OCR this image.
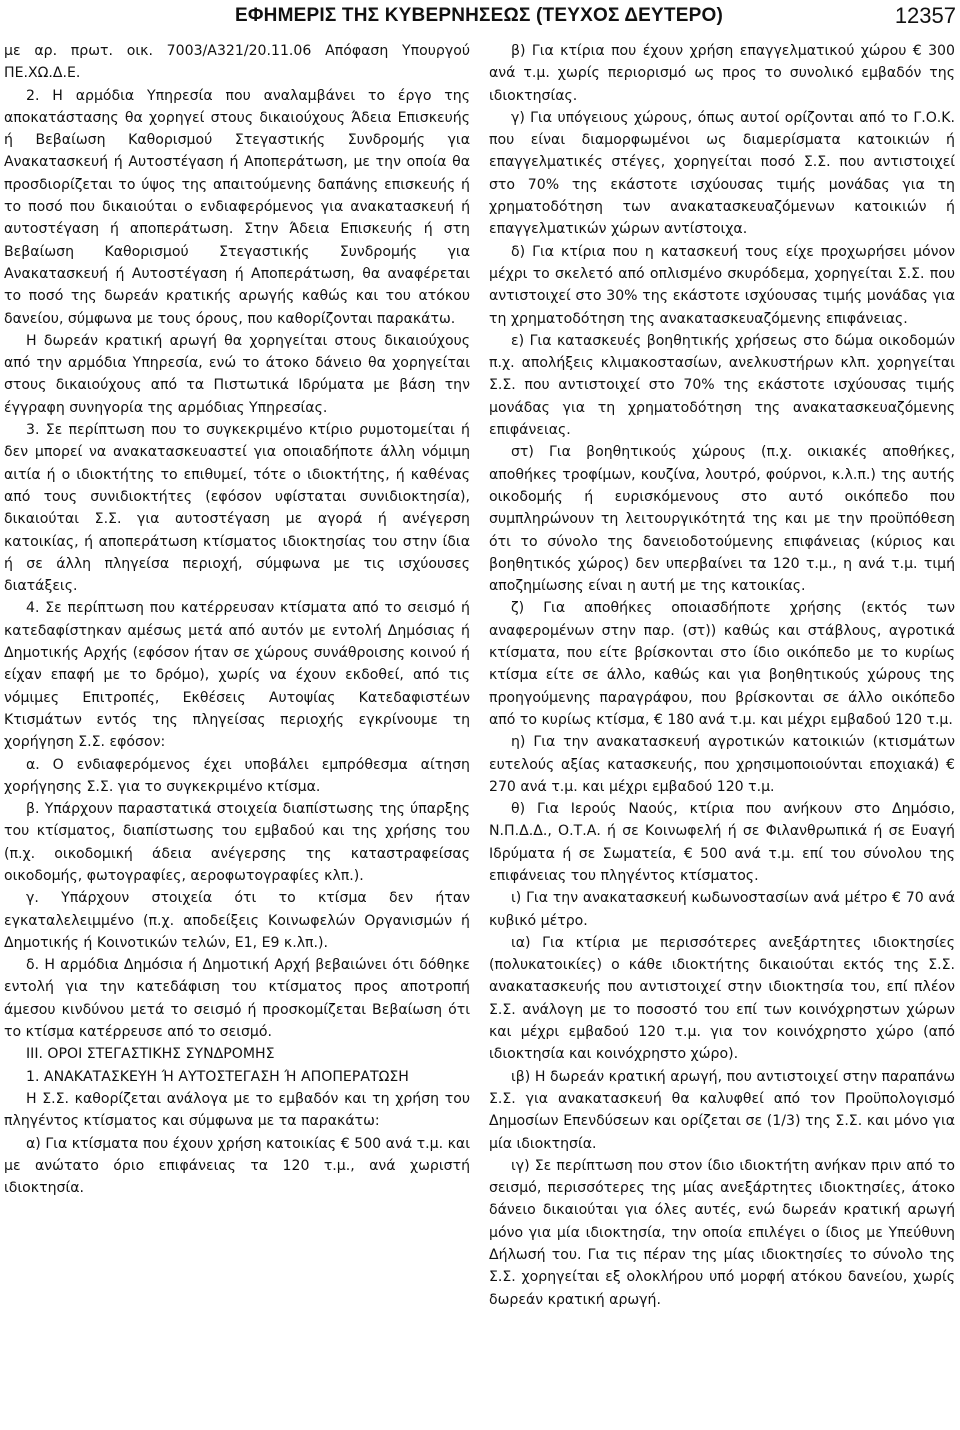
ΕΦΗΜΕΡΙΣ ΤΗΣ ΚΥΒΕΡΝΗΣΕΩΣ (ΤΕΥΧΟΣ ΔΕΥΤΕΡΟ)	12357

με αρ. πρωτ. οικ. 7003/Α321/20.11.06 Απόφαση Υπουργού ΠΕ.ΧΩ.Δ.Ε.

2. Η αρμόδια Υπηρεσία που αναλαμβάνει το έργο της αποκατάστασης θα χορηγεί στους δικαιούχους Άδεια Επισκευής ή Βεβαίωση Καθορισμού Στεγαστικής Συνδρομής για Ανακατασκευή ή Αυτοστέγαση ή Αποπεράτωση, με την οποία θα προσδιορίζεται το ύψος της απαιτούμενης δαπάνης επισκευής ή το ποσό που δικαιούται ο ενδιαφερόμενος για ανακατασκευή ή αυτοστέγαση ή αποπεράτωση. Στην Άδεια Επισκευής ή στη Βεβαίωση Καθορισμού Στεγαστικής Συνδρομής για Ανακατασκευή ή Αυτοστέγαση ή Αποπεράτωση, θα αναφέρεται το ποσό της δωρεάν κρατικής αρωγής καθώς και του ατόκου δανείου, σύμφωνα με τους όρους, που καθορίζονται παρακάτω.

Η δωρεάν κρατική αρωγή θα χορηγείται στους δικαιούχους από την αρμόδια Υπηρεσία, ενώ το άτοκο δάνειο θα χορηγείται στους δικαιούχους από τα Πιστωτικά Ιδρύματα με βάση την έγγραφη συνηγορία της αρμόδιας Υπηρεσίας.

3. Σε περίπτωση που το συγκεκριμένο κτίριο ρυμοτομείται ή δεν μπορεί να ανακατασκευαστεί για οποιαδήποτε άλλη νόμιμη αιτία ή ο ιδιοκτήτης το επιθυμεί, τότε ο ιδιοκτήτης, ή καθένας από τους συνιδιοκτήτες (εφόσον υφίσταται συνιδιοκτησία), δικαιούται Σ.Σ. για αυτοστέγαση με αγορά ή ανέγερση κατοικίας, ή αποπεράτωση κτίσματος ιδιοκτησίας του στην ίδια ή σε άλλη πληγείσα περιοχή, σύμφωνα με τις ισχύουσες διατάξεις.

4. Σε περίπτωση που κατέρρευσαν κτίσματα από το σεισμό ή κατεδαφίστηκαν αμέσως μετά από αυτόν με εντολή Δημόσιας ή Δημοτικής Αρχής (εφόσον ήταν σε χώρους συνάθροισης κοινού ή είχαν επαφή με το δρόμο), χωρίς να έχουν εκδοθεί, από τις νόμιμες Επιτροπές, Εκθέσεις Αυτοψίας Κατεδαφιστέων Κτισμάτων εντός της πληγείσας περιοχής εγκρίνουμε τη χορήγηση Σ.Σ. εφόσον:

α. Ο ενδιαφερόμενος έχει υποβάλει εμπρόθεσμα αίτηση χορήγησης Σ.Σ. για το συγκεκριμένο κτίσμα.

β. Υπάρχουν παραστατικά στοιχεία διαπίστωσης της ύπαρξης του κτίσματος, διαπίστωσης του εμβαδού και της χρήσης του (π.χ. οικοδομική άδεια ανέγερσης της καταστραφείσας οικοδομής, φωτογραφίες, αεροφωτογραφίες κλπ.).

γ. Υπάρχουν στοιχεία ότι το κτίσμα δεν ήταν εγκαταλελειμμένο (π.χ. αποδείξεις Κοινωφελών Οργανισμών ή Δημοτικής ή Κοινοτικών τελών, Ε1, Ε9 κ.λπ.).

δ. Η αρμόδια Δημόσια ή Δημοτική Αρχή βεβαιώνει ότι δόθηκε εντολή για την κατεδάφιση του κτίσματος προς αποτροπή άμεσου κινδύνου μετά το σεισμό ή προσκομίζεται Βεβαίωση ότι το κτίσμα κατέρρευσε από το σεισμό.

ΙΙΙ. ΟΡΟΙ ΣΤΕΓΑΣΤΙΚΗΣ ΣΥΝΔΡΟΜΗΣ

1. ΑΝΑΚΑΤΑΣΚΕΥΗ Ή ΑΥΤΟΣΤΕΓΑΣΗ Ή ΑΠΟΠΕΡΑΤΩΣΗ

Η Σ.Σ. καθορίζεται ανάλογα με το εμβαδόν και τη χρήση του πληγέντος κτίσματος και σύμφωνα με τα παρακάτω:

α) Για κτίσματα που έχουν χρήση κατοικίας € 500 ανά τ.μ. και με ανώτατο όριο επιφάνειας τα 120 τ.μ., ανά χωριστή ιδιοκτησία.

β) Για κτίρια που έχουν χρήση επαγγελματικού χώρου € 300 ανά τ.μ. χωρίς περιορισμό ως προς το συνολικό εμβαδόν της ιδιοκτησίας.

γ) Για υπόγειους χώρους, όπως αυτοί ορίζονται από το Γ.Ο.Κ. που είναι διαμορφωμένοι ως διαμερίσματα κατοικιών ή επαγγελματικές στέγες, χορηγείται ποσό Σ.Σ. που αντιστοιχεί στο 70% της εκάστοτε ισχύουσας τιμής μονάδας για τη χρηματοδότηση των ανακατασκευαζόμενων κατοικιών ή επαγγελματικών χώρων αντίστοιχα.

δ) Για κτίρια που η κατασκευή τους είχε προχωρήσει μόνον μέχρι το σκελετό από οπλισμένο σκυρόδεμα, χορηγείται Σ.Σ. που αντιστοιχεί στο 30% της εκάστοτε ισχύουσας τιμής μονάδας για τη χρηματοδότηση της ανακατασκευαζόμενης επιφάνειας.

ε) Για κατασκευές βοηθητικής χρήσεως στο δώμα οικοδομών π.χ. απολήξεις κλιμακοστασίων, ανελκυστήρων κλπ. χορηγείται Σ.Σ. που αντιστοιχεί στο 70% της εκάστοτε ισχύουσας τιμής μονάδας για τη χρηματοδότηση της ανακατασκευαζόμενης επιφάνειας.

στ) Για βοηθητικούς χώρους (π.χ. οικιακές αποθήκες, αποθήκες τροφίμων, κουζίνα, λουτρό, φούρνοι, κ.λ.π.) της αυτής οικοδομής ή ευρισκόμενους στο αυτό οικόπεδο που συμπληρώνουν τη λειτουργικότητά της και με την προϋπόθεση ότι το σύνολο της δανειοδοτούμενης επιφάνειας (κύριος και βοηθητικός χώρος) δεν υπερβαίνει τα 120 τ.μ., η ανά τ.μ. τιμή αποζημίωσης είναι η αυτή με της κατοικίας.

ζ) Για αποθήκες οποιασδήποτε χρήσης (εκτός των αναφερομένων στην παρ. (στ)) καθώς και στάβλους, αγροτικά κτίσματα, που είτε βρίσκονται στο ίδιο οικόπεδο με το κυρίως κτίσμα είτε σε άλλο, καθώς και για βοηθητικούς χώρους της προηγούμενης παραγράφου, που βρίσκονται σε άλλο οικόπεδο από το κυρίως κτίσμα, € 180 ανά τ.μ. και μέχρι εμβαδού 120 τ.μ.

η) Για την ανακατασκευή αγροτικών κατοικιών (κτισμάτων ευτελούς αξίας κατασκευής, που χρησιμοποιούνται εποχιακά) € 270 ανά τ.μ. και μέχρι εμβαδού 120 τ.μ.

θ) Για Ιερούς Ναούς, κτίρια που ανήκουν στο Δημόσιο, Ν.Π.Δ.Δ., Ο.Τ.Α. ή σε Κοινωφελή ή σε Φιλανθρωπικά ή σε Ευαγή Ιδρύματα ή σε Σωματεία, € 500 ανά τ.μ. επί του σύνολου της επιφάνειας του πληγέντος κτίσματος.

ι) Για την ανακατασκευή κωδωνοστασίων ανά μέτρο € 70 ανά κυβικό μέτρο.

ια) Για κτίρια με περισσότερες ανεξάρτητες ιδιοκτησίες (πολυκατοικίες) ο κάθε ιδιοκτήτης δικαιούται εκτός της Σ.Σ. ανακατασκευής που αντιστοιχεί στην ιδιοκτησία του, επί πλέον Σ.Σ. ανάλογη με το ποσοστό του επί των κοινόχρηστων χώρων και μέχρι εμβαδού 120 τ.μ. για τον κοινόχρηστο χώρο (από ιδιοκτησία και κοινόχρηστο χώρο).

ιβ) Η δωρεάν κρατική αρωγή, που αντιστοιχεί στην παραπάνω Σ.Σ. για ανακατασκευή θα καλυφθεί από τον Προϋπολογισμό Δημοσίων Επενδύσεων και ορίζεται σε (1/3) της Σ.Σ. και μόνο για μία ιδιοκτησία.

ιγ) Σε περίπτωση που στον ίδιο ιδιοκτήτη ανήκαν πριν από το σεισμό, περισσότερες της μίας ανεξάρτητες ιδιοκτησίες, άτοκο δάνειο δικαιούται για όλες αυτές, ενώ δωρεάν κρατική αρωγή μόνο για μία ιδιοκτησία, την οποία επιλέγει ο ίδιος με Υπεύθυνη Δήλωσή του. Για τις πέραν της μίας ιδιοκτησίες το σύνολο της Σ.Σ. χορηγείται εξ ολοκλήρου υπό μορφή ατόκου δανείου, χωρίς δωρεάν κρατική αρωγή.
